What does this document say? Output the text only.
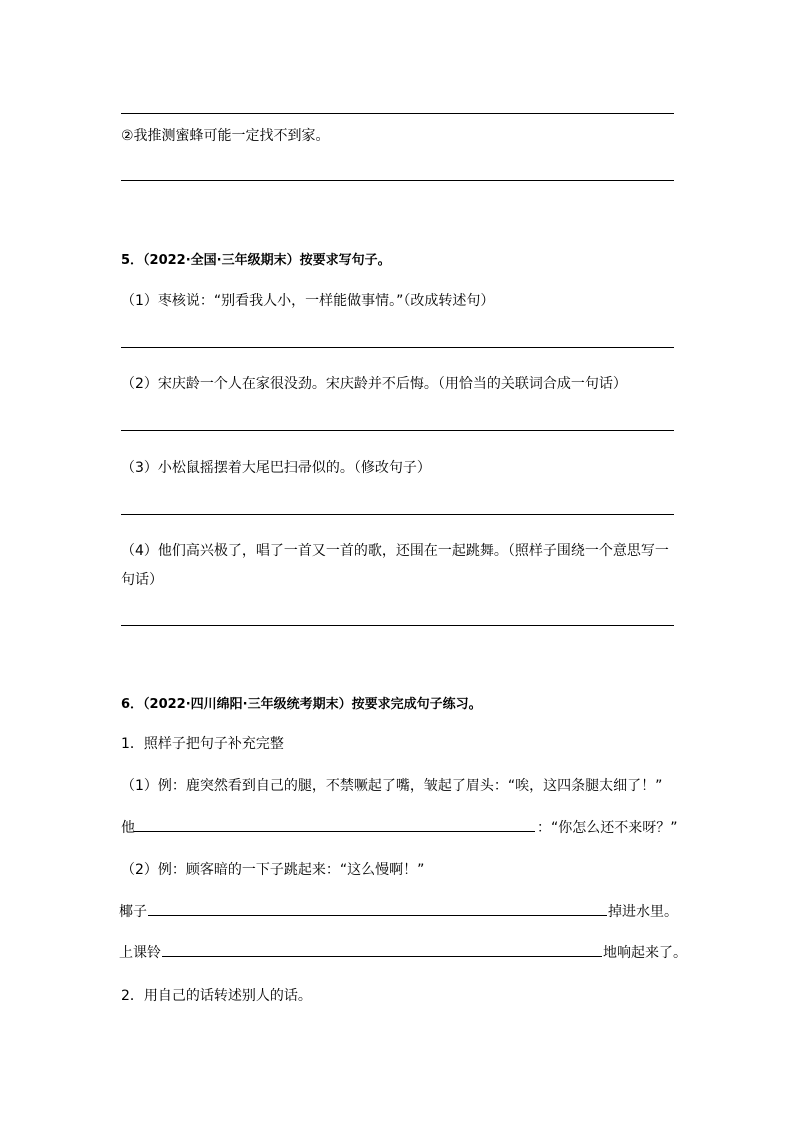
②我推测蜜蜂可能一定找不到家。
5．（2022·全国·三年级期末）按要求写句子。
（1）枣核说：“别看我人小，一样能做事情。”（改成转述句）
（2）宋庆龄一个人在家很没劲。宋庆龄并不后悔。（用恰当的关联词合成一句话）
（3）小松鼠摇摆着大尾巴扫帚似的。（修改句子）
（4）他们高兴极了，唱了一首又一首的歌，还围在一起跳舞。（照样子围绕一个意思写一
句话）
6．（2022·四川绵阳·三年级统考期末）按要求完成句子练习。
1．照样子把句子补充完整
（1）例：鹿突然看到自己的腿，不禁噘起了嘴，皱起了眉头：“唉，这四条腿太细了！”
他	：“你怎么还不来呀？”
（2）例：顾客暗的一下子跳起来：“这么慢啊！”
椰子	掉进水里。
上课铃	地响起来了。
2．用自己的话转述别人的话。
